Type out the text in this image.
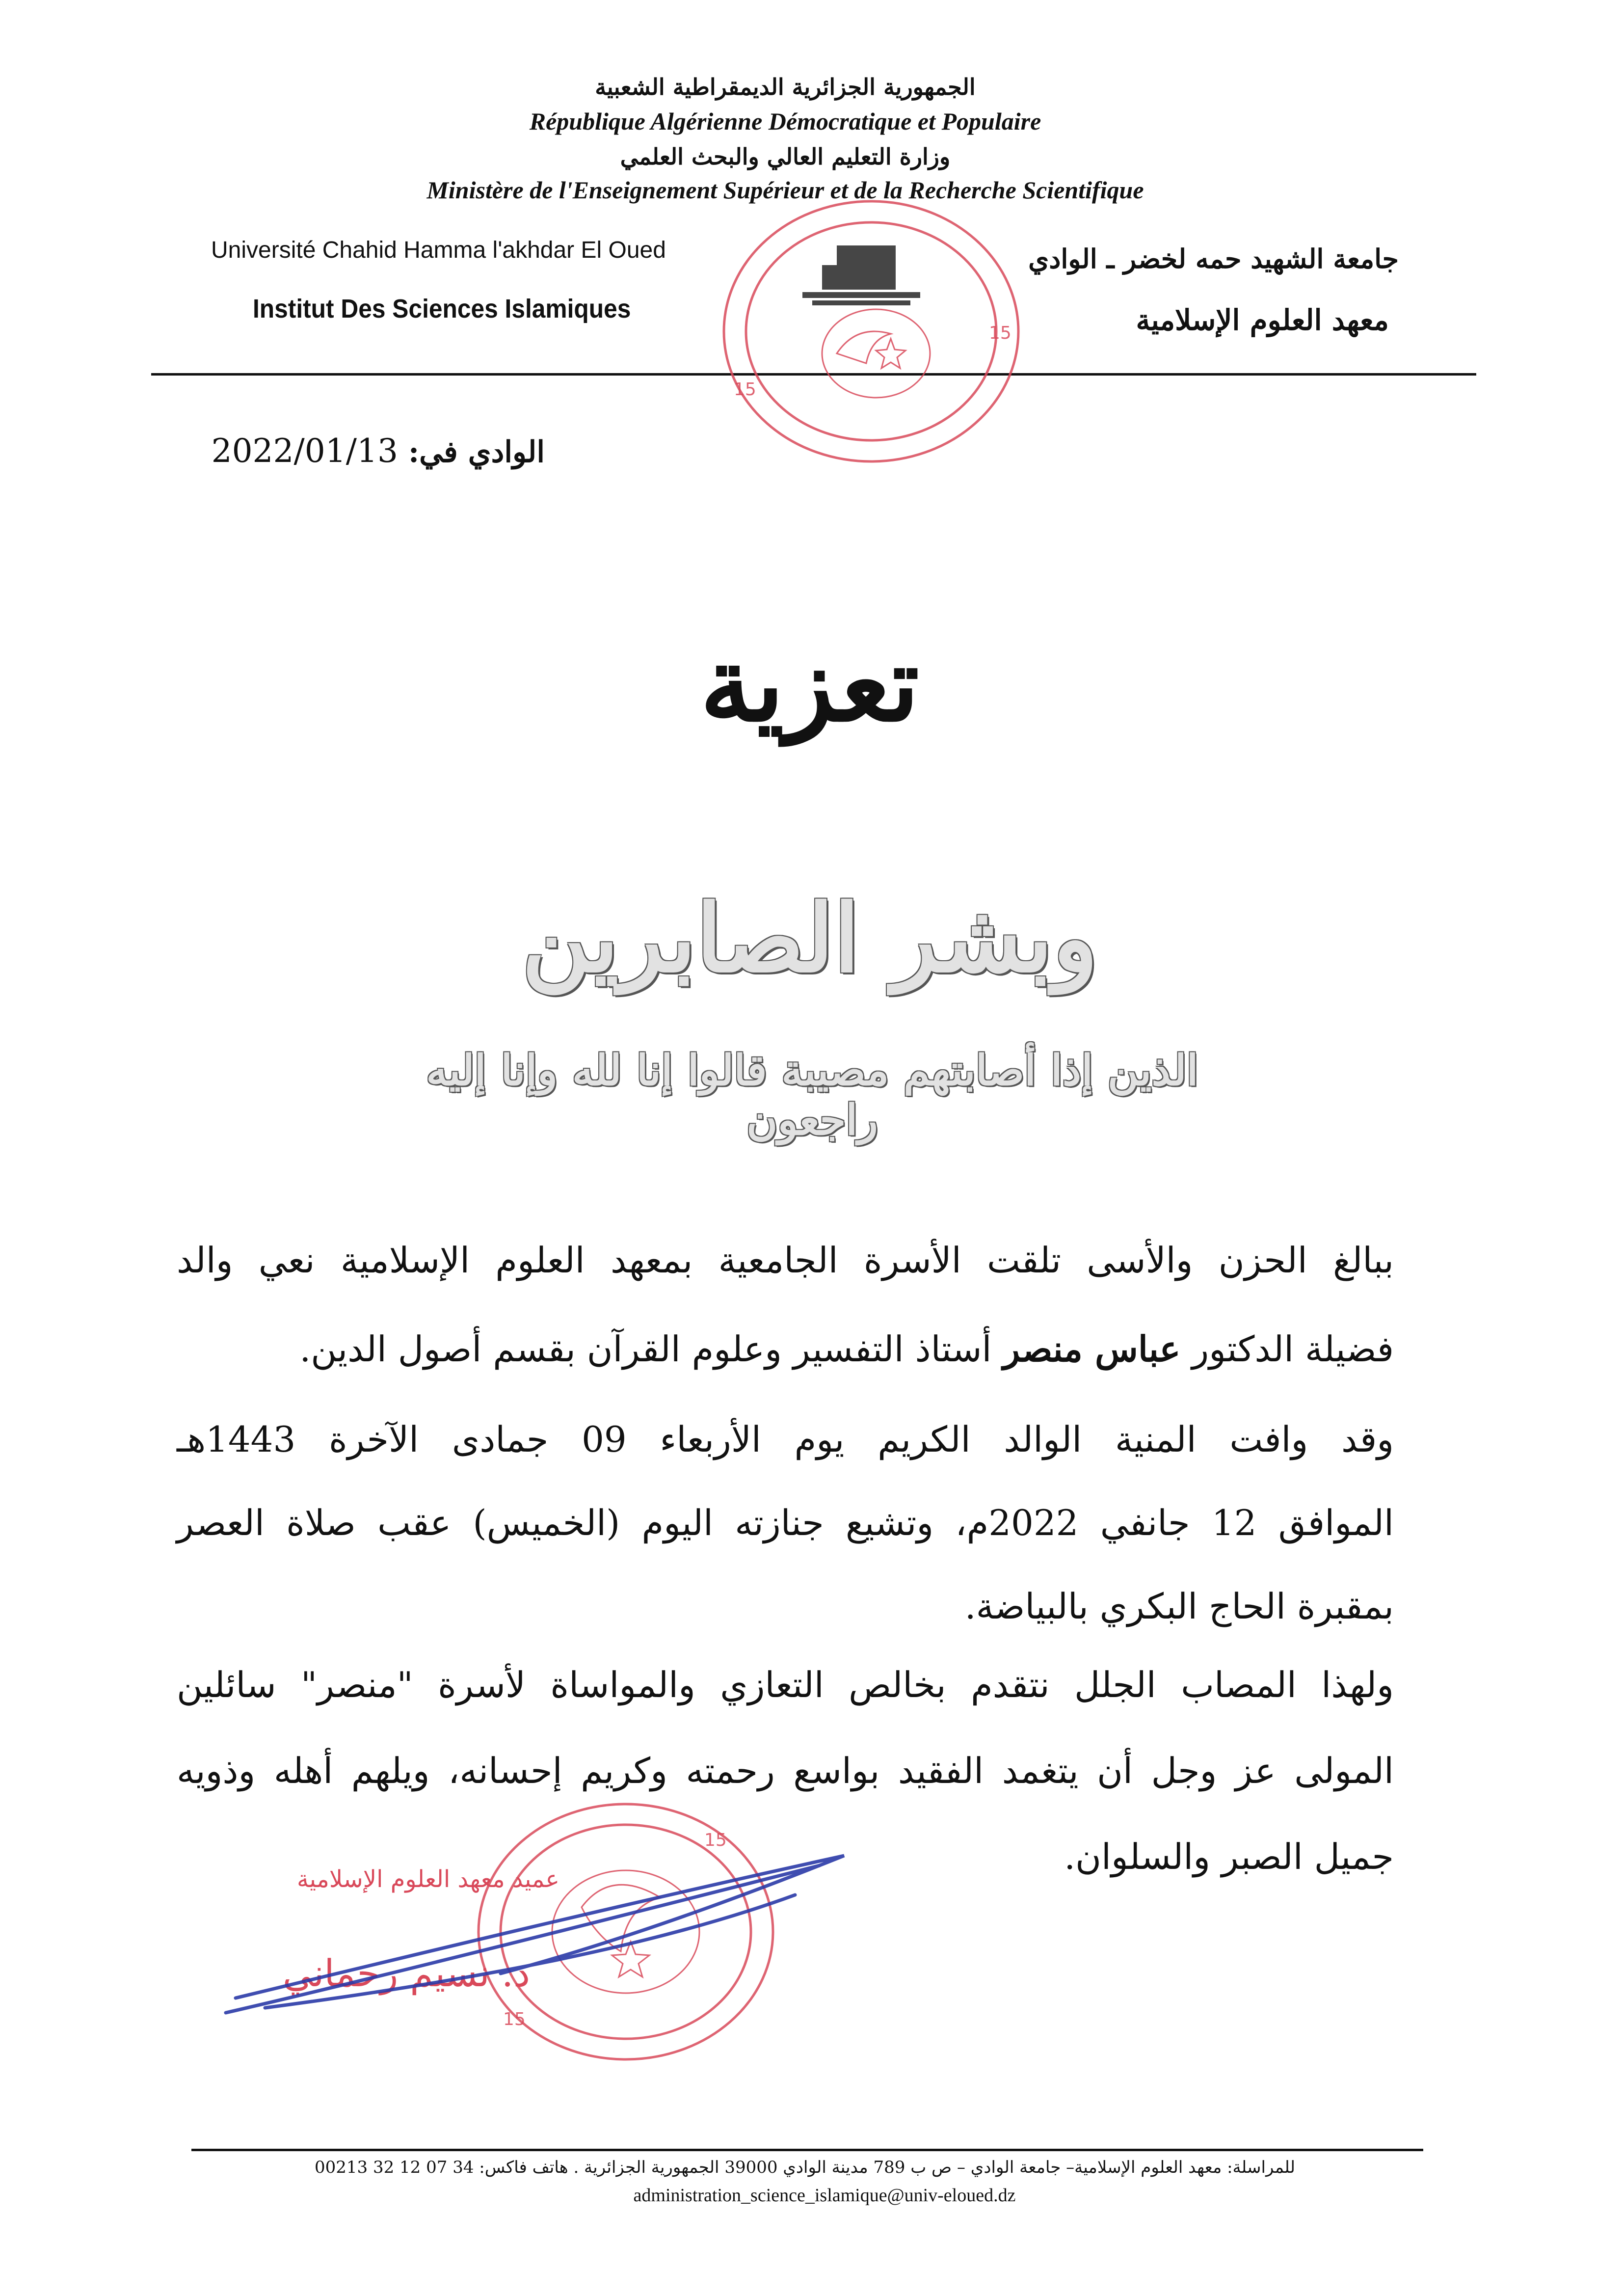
الجمهورية الجزائرية الديمقراطية الشعبية
République Algérienne Démocratique et Populaire
وزارة التعليم العالي والبحث العلمي
Ministère de l'Enseignement Supérieur et de la Recherche Scientifique
Université Chahid Hamma l'akhdar El Oued
Institut Des Sciences Islamiques
جامعة الشهيد حمه لخضر ـ الوادي
معهد العلوم الإسلامية
15
15
الوادي في: 2022/01/13
تعزية
وبشر الصابرين
الذين إذا أصابتهم مصيبة قالوا إنا لله وإنا إليه راجعون
ببالغ الحزن والأسى تلقت الأسرة الجامعية بمعهد العلوم الإسلامية نعي والد
فضيلة الدكتور عباس منصر أستاذ التفسير وعلوم القرآن بقسم أصول الدين.
وقد وافت المنية الوالد الكريم يوم الأربعاء 09 جمادى الآخرة 1443هـ
الموافق 12 جانفي 2022م، وتشيع جنازته اليوم (الخميس) عقب صلاة العصر
بمقبرة الحاج البكري بالبياضة.
ولهذا المصاب الجلل نتقدم بخالص التعازي والمواساة لأسرة "منصر" سائلين
المولى عز وجل أن يتغمد الفقيد بواسع رحمته وكريم إحسانه، ويلهم أهله وذويه
جميل الصبر والسلوان.
عميد معهد العلوم الإسلامية
د. نسيم رحماني
15
15
للمراسلة: معهد العلوم الإسلامية– جامعة الوادي – ص ب 789 مدينة الوادي 39000 الجمهورية الجزائرية . هاتف فاكس: 34 07 12 32 00213
administration_science_islamique@univ-eloued.dz
